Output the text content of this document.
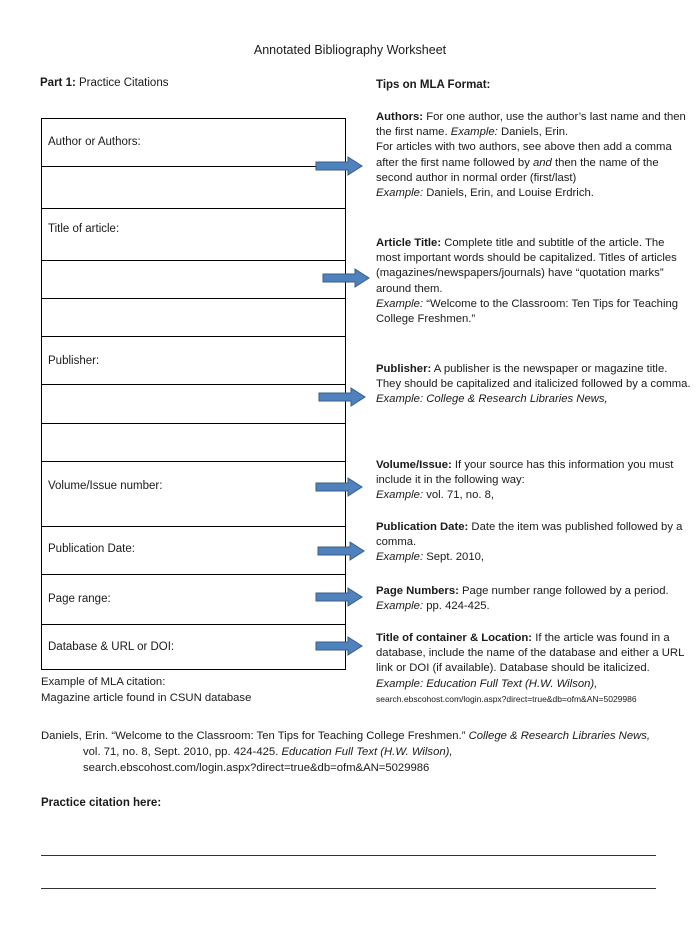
Annotated Bibliography Worksheet
Part 1: Practice Citations	Tips on MLA Format:
Author or Authors:
Title of article:
Publisher:
Volume/Issue number:
Publication Date:
Page range:
Database & URL or DOI:
Authors: For one author, use the author’s last name and then the first name. Example: Daniels, Erin.
For articles with two authors, see above then add a comma after the first name followed by and then the name of the second author in normal order (first/last)
Example: Daniels, Erin, and Louise Erdrich.
Article Title: Complete title and subtitle of the article. The most important words should be capitalized. Titles of articles (magazines/newspapers/journals) have “quotation marks” around them.
Example: “Welcome to the Classroom: Ten Tips for Teaching College Freshmen.”
Publisher: A publisher is the newspaper or magazine title. They should be capitalized and italicized followed by a comma.
Example: College & Research Libraries News,
Volume/Issue: If your source has this information you must include it in the following way:
Example: vol. 71, no. 8,
Publication Date: Date the item was published followed by a comma.
Example: Sept. 2010,
Page Numbers: Page number range followed by a period.
Example: pp. 424-425.
Title of container & Location: If the article was found in a database, include the name of the database and either a URL link or DOI (if available). Database should be italicized.
Example: Education Full Text (H.W. Wilson),
search.ebscohost.com/login.aspx?direct=true&db=ofm&AN=5029986
Example of MLA citation:
Magazine article found in CSUN database
Daniels, Erin. “Welcome to the Classroom: Ten Tips for Teaching College Freshmen.” College & Research Libraries News,
vol. 71, no. 8, Sept. 2010, pp. 424-425. Education Full Text (H.W. Wilson),
search.ebscohost.com/login.aspx?direct=true&db=ofm&AN=5029986
Practice citation here:
